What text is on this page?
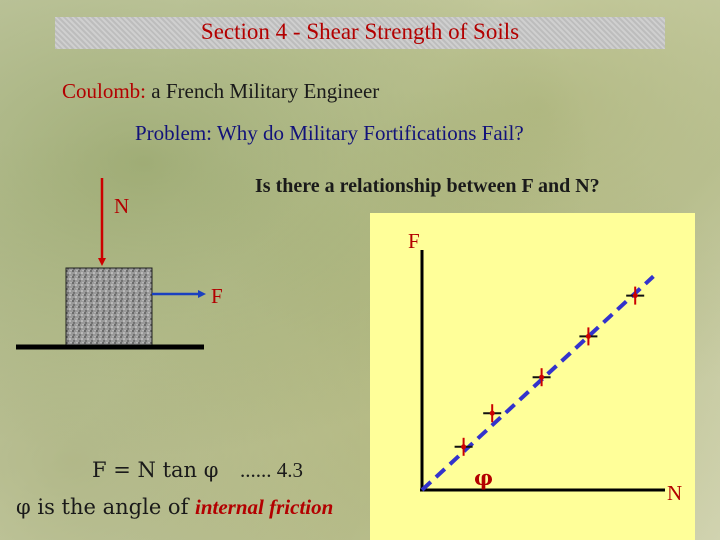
Section 4 - Shear Strength of Soils
Coulomb: a French Military Engineer
Problem: Why do Military Fortifications Fail?
Is there a relationship between F and N?
N
F
F
N
φ
F = N tan φ ...... 4.3
φ is the angle of internal friction
